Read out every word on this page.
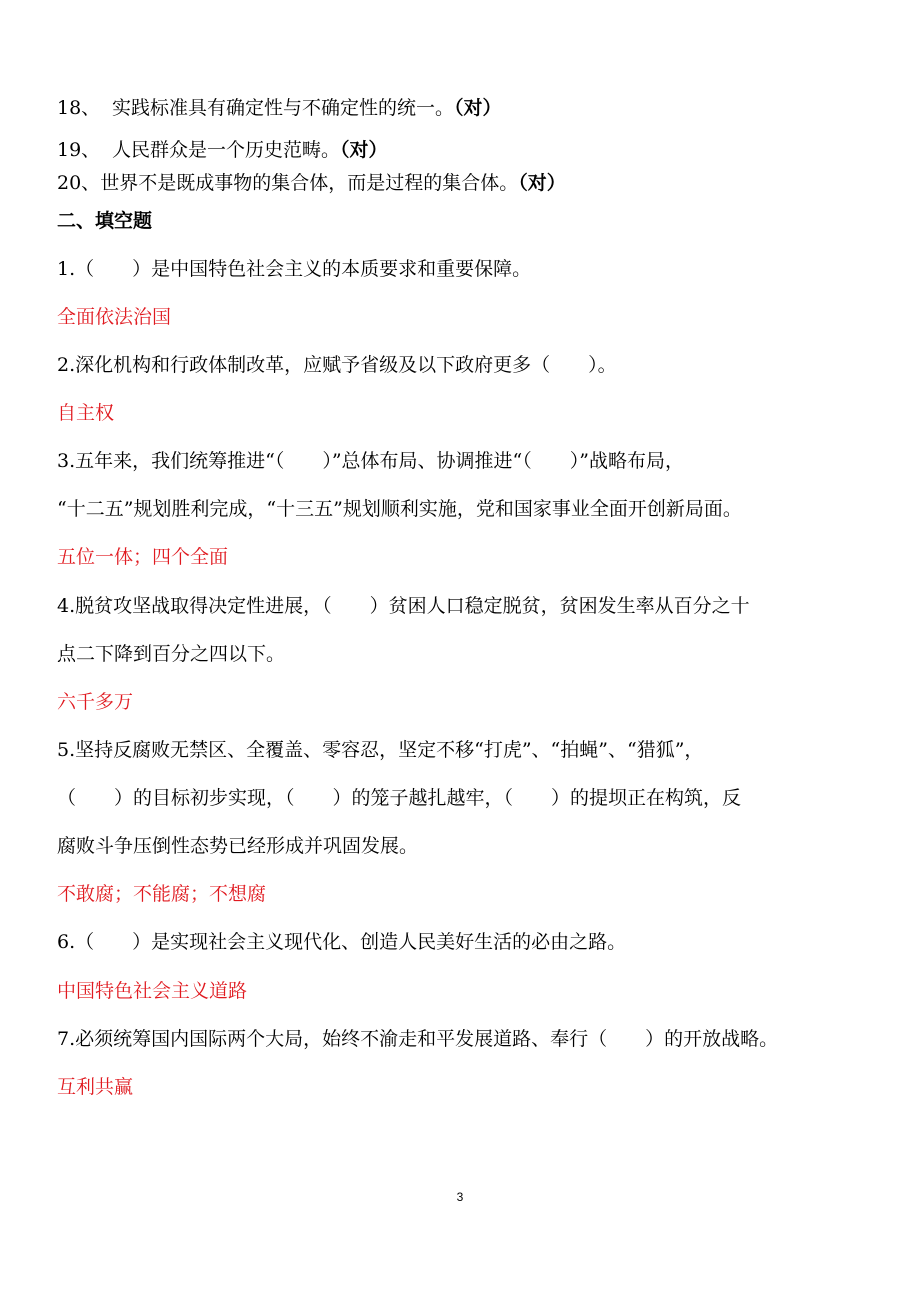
18、 实践标准具有确定性与不确定性的统一。（对）
19、 人民群众是一个历史范畴。（对）
20、世界不是既成事物的集合体，而是过程的集合体。（对）
二、填空题
1.（　　）是中国特色社会主义的本质要求和重要保障。
全面依法治国
2.深化机构和行政体制改革，应赋予省级及以下政府更多（　　）。
自主权
3.五年来，我们统筹推进“（　　）”总体布局、协调推进“（　　）”战略布局，
“十二五”规划胜利完成，“十三五”规划顺利实施，党和国家事业全面开创新局面。
五位一体；四个全面
4.脱贫攻坚战取得决定性进展，（　　）贫困人口稳定脱贫，贫困发生率从百分之十
点二下降到百分之四以下。
六千多万
5.坚持反腐败无禁区、全覆盖、零容忍，坚定不移“打虎”、“拍蝇”、“猎狐”，
（　　）的目标初步实现，（　　）的笼子越扎越牢，（　　）的提坝正在构筑，反
腐败斗争压倒性态势已经形成并巩固发展。
不敢腐；不能腐；不想腐
6.（　　）是实现社会主义现代化、创造人民美好生活的必由之路。
中国特色社会主义道路
7.必须统筹国内国际两个大局，始终不渝走和平发展道路、奉行（　　）的开放战略。
互利共赢
3
